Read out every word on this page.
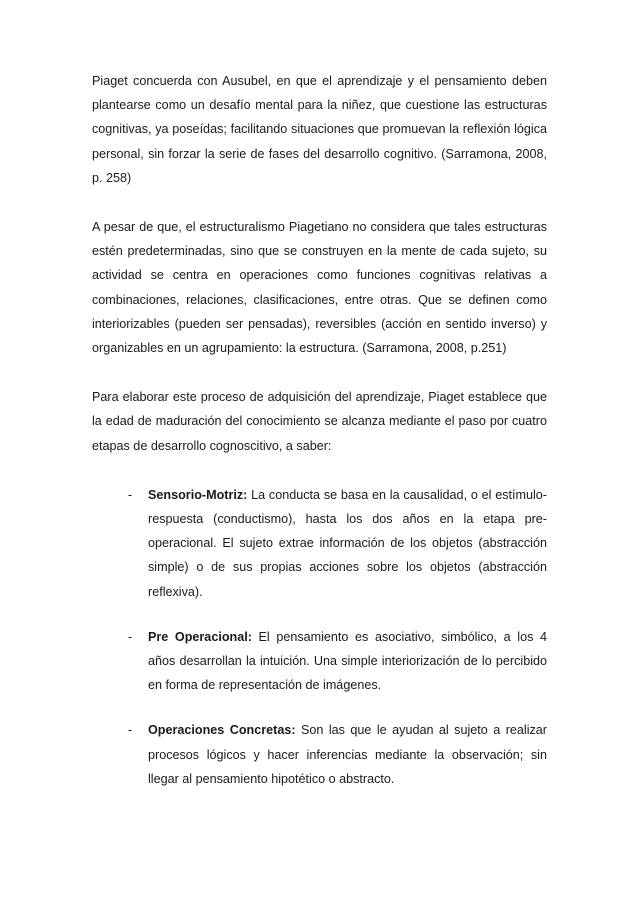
Piaget concuerda con Ausubel, en que el aprendizaje y el pensamiento deben plantearse como un desafío mental para la niñez, que cuestione las estructuras cognitivas, ya poseídas; facilitando situaciones que promuevan la reflexión lógica personal, sin forzar la serie de fases del desarrollo cognitivo. (Sarramona, 2008, p. 258)

A pesar de que, el estructuralismo Piagetiano no considera que tales estructuras estén predeterminadas, sino que se construyen en la mente de cada sujeto, su actividad se centra en operaciones como funciones cognitivas relativas a combinaciones, relaciones, clasificaciones, entre otras. Que se definen como interiorizables (pueden ser pensadas), reversibles (acción en sentido inverso) y organizables en un agrupamiento: la estructura. (Sarramona, 2008, p.251)

Para elaborar este proceso de adquisición del aprendizaje, Piaget establece que la edad de maduración del conocimiento se alcanza mediante el paso por cuatro etapas de desarrollo cognoscitivo, a saber:

- Sensorio-Motriz: La conducta se basa en la causalidad, o el estímulo-respuesta (conductismo), hasta los dos años en la etapa pre-operacional. El sujeto extrae información de los objetos (abstracción simple) o de sus propias acciones sobre los objetos (abstracción reflexiva).
- Pre Operacional: El pensamiento es asociativo, simbólico, a los 4 años desarrollan la intuición. Una simple interiorización de lo percibido en forma de representación de imágenes.
- Operaciones Concretas: Son las que le ayudan al sujeto a realizar procesos lógicos y hacer inferencias mediante la observación; sin llegar al pensamiento hipotético o abstracto.
